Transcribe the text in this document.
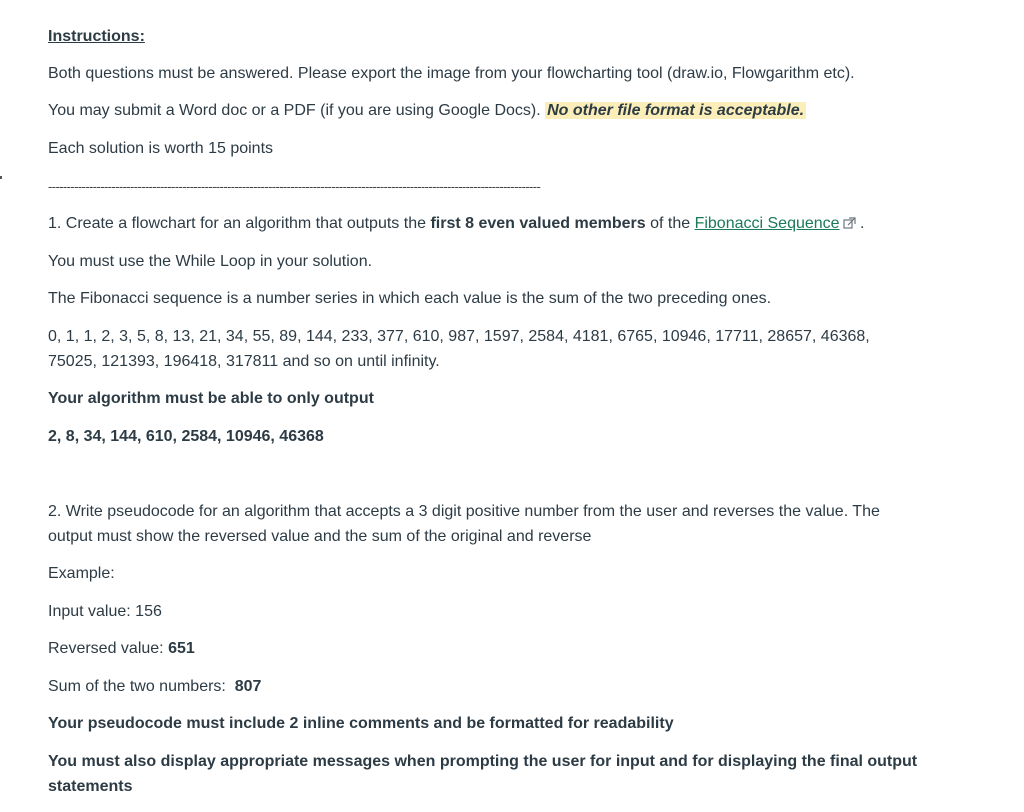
Instructions:
Both questions must be answered. Please export the image from your flowcharting tool (draw.io, Flowgarithm etc).
You may submit a Word doc or a PDF (if you are using Google Docs). No other file format is acceptable.
Each solution is worth 15 points
------------------------------------------------------------------------------------------------------------------------------------
1. Create a flowchart for an algorithm that outputs the first 8 even valued members of the Fibonacci Sequence .
You must use the While Loop in your solution.
The Fibonacci sequence is a number series in which each value is the sum of the two preceding ones.
0, 1, 1, 2, 3, 5, 8, 13, 21, 34, 55, 89, 144, 233, 377, 610, 987, 1597, 2584, 4181, 6765, 10946, 17711, 28657, 46368,
75025, 121393, 196418, 317811 and so on until infinity.
Your algorithm must be able to only output
2, 8, 34, 144, 610, 2584, 10946, 46368
2. Write pseudocode for an algorithm that accepts a 3 digit positive number from the user and reverses the value. The
output must show the reversed value and the sum of the original and reverse
Example:
Input value: 156
Reversed value: 651
Sum of the two numbers:  807
Your pseudocode must include 2 inline comments and be formatted for readability
You must also display appropriate messages when prompting the user for input and for displaying the final output
statements
